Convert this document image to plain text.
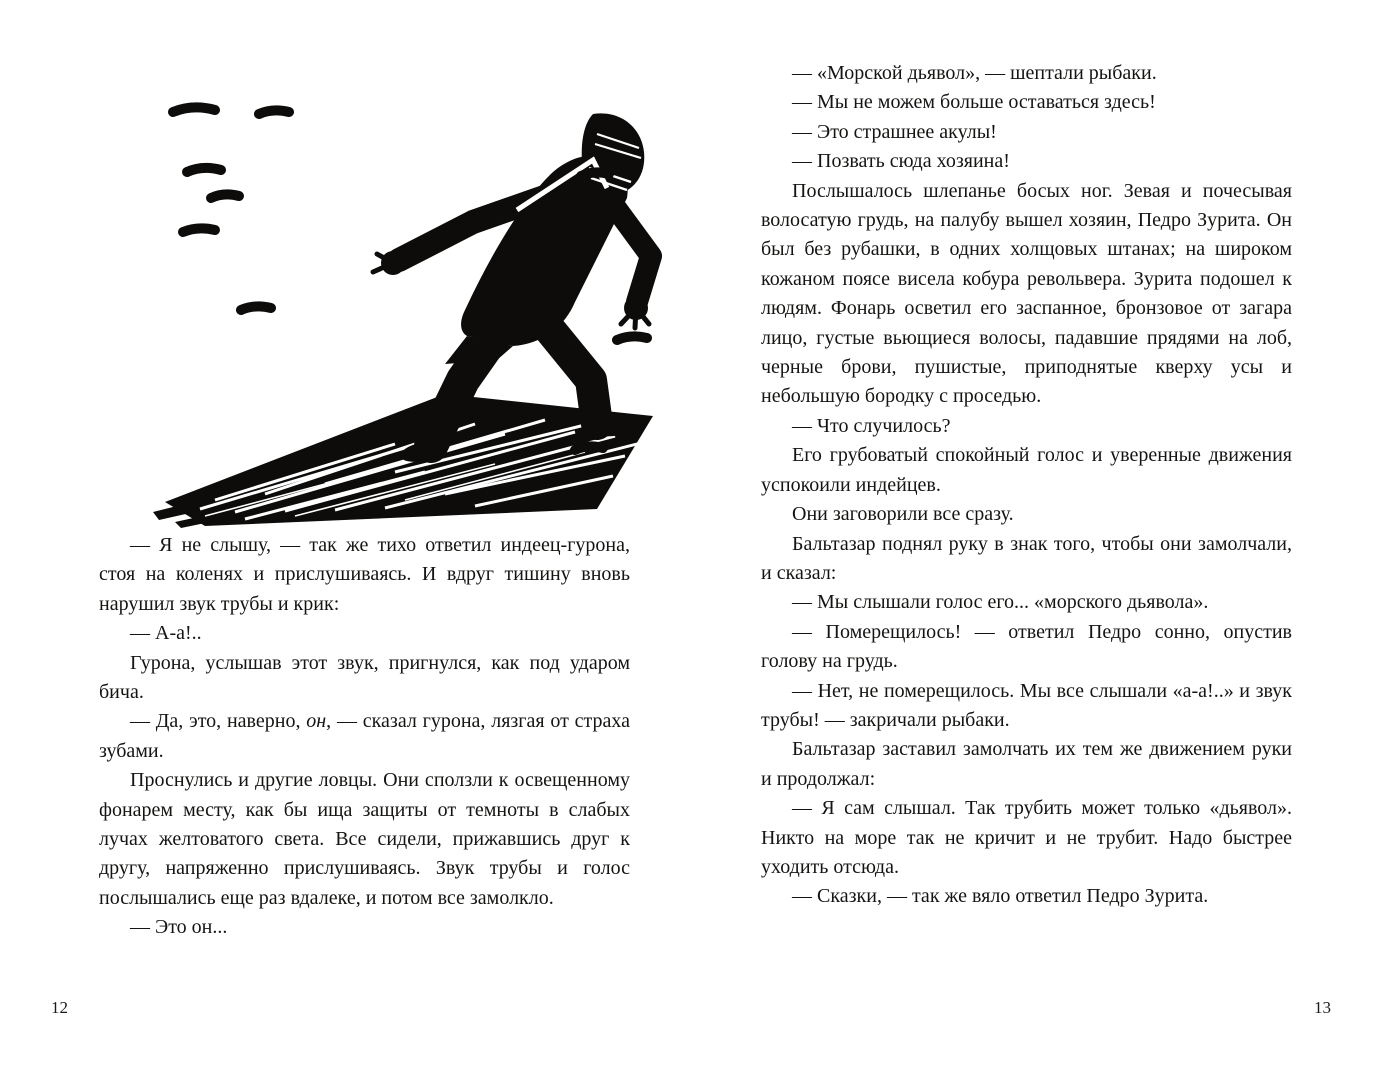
— Я не слышу, — так же тихо ответил индеец-гурона, стоя на коленях и прислушиваясь. И вдруг тишину вновь нарушил звук трубы и крик:

— А-а!..

Гурона, услышав этот звук, пригнулся, как под ударом бича.

— Да, это, наверно, он, — сказал гурона, лязгая от страха зубами.

Проснулись и другие ловцы. Они сползли к освещенному фонарем месту, как бы ища защиты от темноты в слабых лучах желтоватого света. Все сидели, прижавшись друг к другу, напряженно прислушиваясь. Звук трубы и голос послышались еще раз вдалеке, и потом все замолкло.

— Это он...

12

— «Морской дьявол», — шептали рыбаки.

— Мы не можем больше оставаться здесь!

— Это страшнее акулы!

— Позвать сюда хозяина!

Послышалось шлепанье босых ног. Зевая и почесывая волосатую грудь, на палубу вышел хозяин, Педро Зурита. Он был без рубашки, в одних холщовых штанах; на широком кожаном поясе висела кобура револьвера. Зурита подошел к людям. Фонарь осветил его заспанное, бронзовое от загара лицо, густые вьющиеся волосы, падавшие прядями на лоб, черные брови, пушистые, приподнятые кверху усы и небольшую бородку с проседью.

— Что случилось?

Его грубоватый спокойный голос и уверенные движения успокоили индейцев.

Они заговорили все сразу.

Бальтазар поднял руку в знак того, чтобы они замолчали, и сказал:

— Мы слышали голос его... «морского дьявола».

— Померещилось! — ответил Педро сонно, опустив голову на грудь.

— Нет, не померещилось. Мы все слышали «а-а!..» и звук трубы! — закричали рыбаки.

Бальтазар заставил замолчать их тем же движением руки и продолжал:

— Я сам слышал. Так трубить может только «дьявол». Никто на море так не кричит и не трубит. Надо быстрее уходить отсюда.

— Сказки, — так же вяло ответил Педро Зурита.

13
